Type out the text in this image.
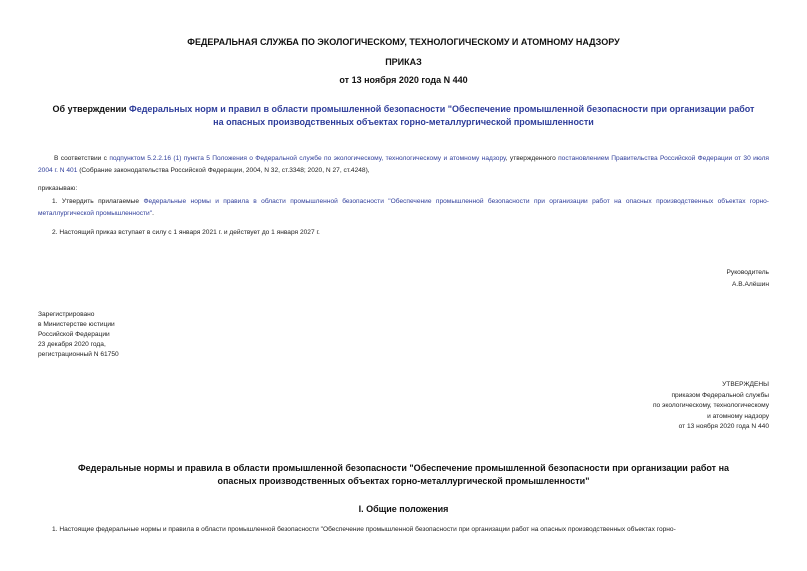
ФЕДЕРАЛЬНАЯ СЛУЖБА ПО ЭКОЛОГИЧЕСКОМУ, ТЕХНОЛОГИЧЕСКОМУ И АТОМНОМУ НАДЗОРУ
ПРИКАЗ
от 13 ноября 2020 года N 440
Об утверждении Федеральных норм и правил в области промышленной безопасности "Обеспечение промышленной безопасности при организации работ на опасных производственных объектах горно-металлургической промышленности
В соответствии с подпунктом 5.2.2.16 (1) пункта 5 Положения о Федеральной службе по экологическому, технологическому и атомному надзору, утвержденного постановлением Правительства Российской Федерации от 30 июля 2004 г. N 401 (Собрание законодательства Российской Федерации, 2004, N 32, ст.3348; 2020, N 27, ст.4248),
приказываю:
1. Утвердить прилагаемые Федеральные нормы и правила в области промышленной безопасности "Обеспечение промышленной безопасности при организации работ на опасных производственных объектах горно-металлургической промышленности".
2. Настоящий приказ вступает в силу с 1 января 2021 г. и действует до 1 января 2027 г.
Руководитель
А.В.Алёшин
Зарегистрировано
в Министерстве юстиции
Российской Федерации
23 декабря 2020 года,
регистрационный N 61750
УТВЕРЖДЕНЫ
приказом Федеральной службы
по экологическому, технологическому
и атомному надзору
от 13 ноября 2020 года N 440
Федеральные нормы и правила в области промышленной безопасности "Обеспечение промышленной безопасности при организации работ на опасных производственных объектах горно-металлургической промышленности"
I. Общие положения
1. Настоящие федеральные нормы и правила в области промышленной безопасности "Обеспечение промышленной безопасности при организации работ на опасных производственных объектах горно-
